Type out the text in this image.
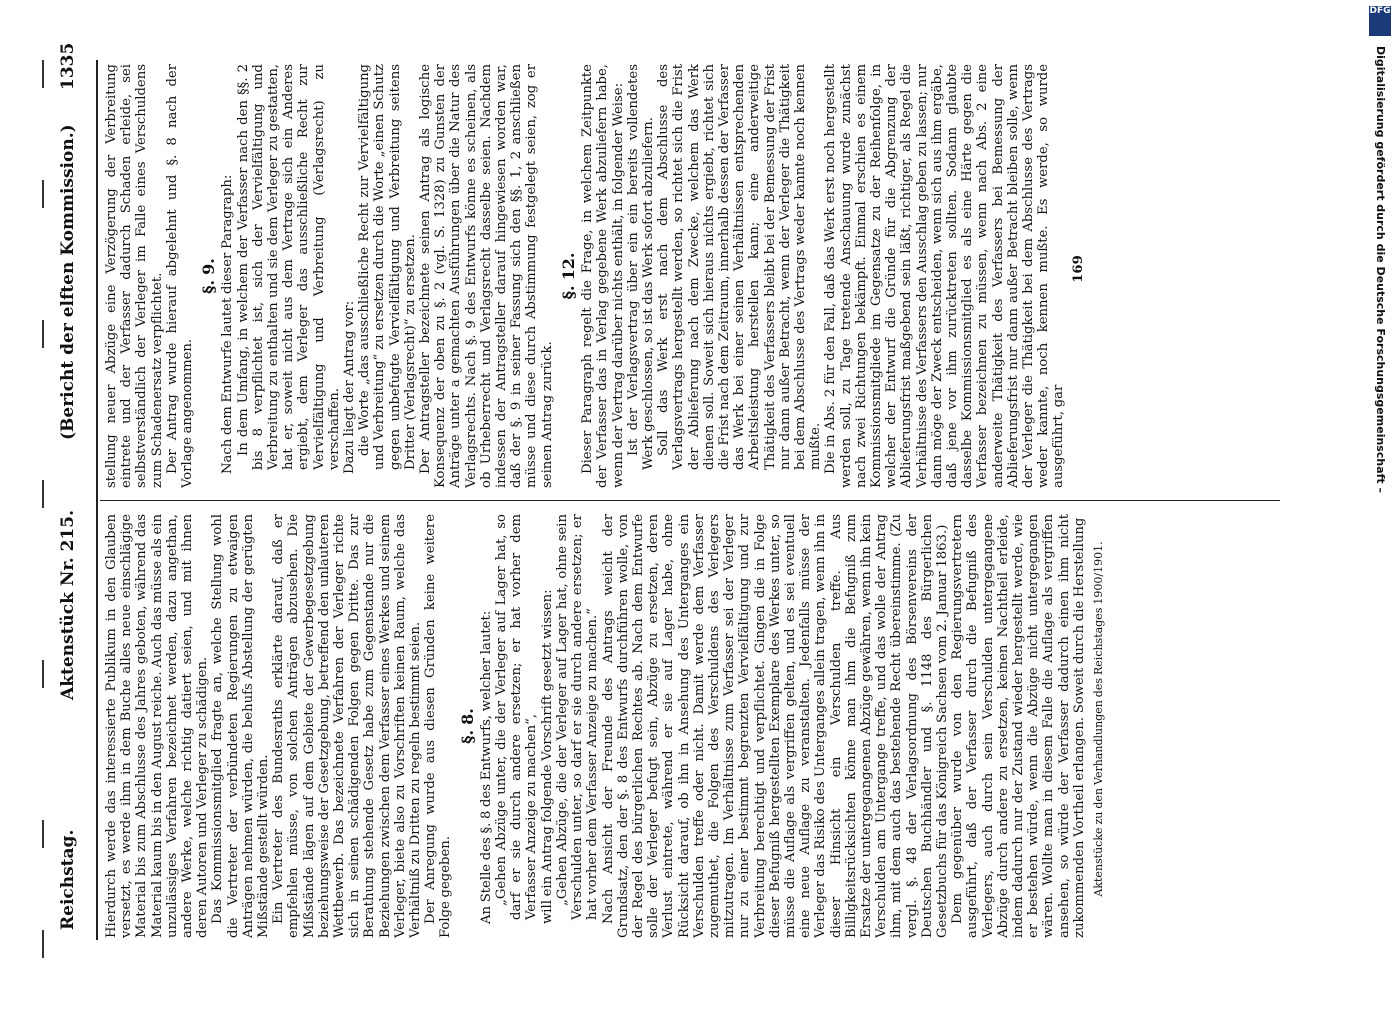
Reichstag.
Aktenstück Nr. 215.
(Bericht der elften Kommission.)
1335

Hierdurch werde das interessierte Publikum in den Glauben versetzt, es werde ihm in dem Buche alles neue einschlägige Material bis zum Abschlusse des Jahres geboten, während das Material kaum bis in den August reiche. Auch das müsse als ein unzulässiges Verfahren bezeichnet werden, dazu angethan, andere Werke, welche richtig datiert seien, und mit ihnen deren Autoren und Verleger zu schädigen. Das Kommissionsmitglied fragte an, welche Stellung wohl die Vertreter der verbündeten Regierungen zu etwaigen Anträgen nehmen würden, die behufs Abstellung der gerügten Mißstände gestellt würden. Ein Vertreter des Bundesraths erklärte darauf, daß er empfehlen müsse, von solchen Anträgen abzusehen. Die Mißstände lägen auf dem Gebiete der Gewerbegesetzgebung beziehungsweise der Gesetzgebung, betreffend den unlauteren Wettbewerb. Das bezeichnete Verfahren der Verleger richte sich in seinen schädigenden Folgen gegen Dritte. Das zur Berathung stehende Gesetz habe zum Gegenstande nur die Beziehungen zwischen dem Verfasser eines Werkes und seinem Verleger, biete also zu Vorschriften keinen Raum, welche das Verhältniß zu Dritten zu regeln bestimmt seien. Der Anregung wurde aus diesen Gründen keine weitere Folge gegeben.

§. 8. An Stelle des §. 8 des Entwurfs, welcher lautet: „Gehen Abzüge unter, die der Verleger auf Lager hat, so darf er sie durch andere ersetzen; er hat vorher dem Verfasser Anzeige zu machen“, will ein Antrag folgende Vorschrift gesetzt wissen: „Gehen Abzüge, die der Verleger auf Lager hat, ohne sein Verschulden unter, so darf er sie durch andere ersetzen; er hat vorher dem Verfasser Anzeige zu machen.“ Nach Ansicht der Freunde des Antrags weicht der Grundsatz, den der §. 8 des Entwurfs durchführen wolle, von der Regel des bürgerlichen Rechtes ab. Nach dem Entwurfe solle der Verleger befugt sein, Abzüge zu ersetzen, deren Verlust eintrete, während er sie auf Lager habe, ohne Rücksicht darauf, ob ihn in Ansehung des Unterganges ein Verschulden treffe oder nicht. Damit werde dem Verfasser zugemuthet, die Folgen des Verschuldens des Verlegers mitzutragen. Im Verhältnisse zum Verfasser sei der Verleger nur zu einer bestimmt begrenzten Vervielfältigung und zur Verbreitung berechtigt und verpflichtet. Gingen die in Folge dieser Befugniß hergestellten Exemplare des Werkes unter, so müsse die Auflage als vergriffen gelten, und es sei eventuell eine neue Auflage zu veranstalten. Jedenfalls müsse der Verleger das Risiko des Unterganges allein tragen, wenn ihn in dieser Hinsicht ein Verschulden treffe. Aus Billigkeitsrücksichten könne man ihm die Befugniß zum Ersatze der untergegangenen Abzüge gewähren, wenn ihn kein Verschulden am Untergange treffe, und das wolle der Antrag ihm, mit dem auch das bestehende Recht übereinstimme. (Zu vergl. §. 48 der Verlagsordnung des Börsenvereins der Deutschen Buchhändler und §. 1148 des Bürgerlichen Gesetzbuchs für das Königreich Sachsen vom 2. Januar 1863.) Dem gegenüber wurde von den Regierungsvertretern ausgeführt, daß der Verfasser durch die Befugniß des Verlegers, auch durch sein Verschulden untergegangene Abzüge durch andere zu ersetzen, keinen Nachtheil erleide, indem dadurch nur der Zustand wieder hergestellt werde, wie er bestehen würde, wenn die Abzüge nicht untergegangen wären. Wollte man in diesem Falle die Auflage als vergriffen ansehen, so würde der Verfasser dadurch einen ihm nicht zukommenden Vortheil erlangen. Soweit durch die Herstellung Aktenstücke zu den Verhandlungen des Reichstages 1900/1901.

stellung neuer Abzüge eine Verzögerung der Verbreitung eintrete und der Verfasser dadurch Schaden erleide, sei selbstverständlich der Verleger im Falle eines Verschuldens zum Schadenersatz verpflichtet. Der Antrag wurde hierauf abgelehnt und §. 8 nach der Vorlage angenommen.

§. 9. Nach dem Entwurfe lautet dieser Paragraph: In dem Umfang, in welchem der Verfasser nach den §§. 2 bis 8 verpflichtet ist, sich der Vervielfältigung und Verbreitung zu enthalten und sie dem Verleger zu gestatten, hat er, soweit nicht aus dem Vertrage sich ein Anderes ergiebt, dem Verleger das ausschließliche Recht zur Vervielfältigung und Verbreitung (Verlagsrecht) zu verschaffen. Dazu liegt der Antrag vor: die Worte „das ausschließliche Recht zur Vervielfältigung und Verbreitung“ zu ersetzen durch die Worte „einen Schutz gegen unbefugte Vervielfältigung und Verbreitung seitens Dritter (Verlagsrecht)“ zu ersetzen. Der Antragsteller bezeichnete seinen Antrag als logische Konsequenz der oben zu §. 2 (vgl. S. 1328) zu Gunsten der Anträge unter a gemachten Ausführungen über die Natur des Verlagsrechts. Nach §. 9 des Entwurfs könne es scheinen, als ob Urheberrecht und Verlagsrecht dasselbe seien. Nachdem indessen der Antragsteller darauf hingewiesen worden war, daß der §. 9 in seiner Fassung sich den §§. 1, 2 anschließen müsse und diese durch Abstimmung festgelegt seien, zog er seinen Antrag zurück.

§. 12. Dieser Paragraph regelt die Frage, in welchem Zeitpunkte der Verfasser das in Verlag gegebene Werk abzuliefern habe, wenn der Vertrag darüber nichts enthält, in folgender Weise: Ist der Verlagsvertrag über ein ein bereits vollendetes Werk geschlossen, so ist das Werk sofort abzuliefern. Soll das Werk erst nach dem Abschlusse des Verlagsvertrags hergestellt werden, so richtet sich die Frist der Ablieferung nach dem Zwecke, welchem das Werk dienen soll. Soweit sich hieraus nichts ergiebt, richtet sich die Frist nach dem Zeitraum, innerhalb dessen der Verfasser das Werk bei einer seinen Verhältnissen entsprechenden Arbeitsleistung herstellen kann; eine anderweitige Thätigkeit des Verfassers bleibt bei der Bemessung der Frist nur dann außer Betracht, wenn der Verleger die Thätigkeit bei dem Abschlusse des Vertrags weder kannte noch kennen mußte. Die in Abs. 2 für den Fall, daß das Werk erst noch hergestellt werden soll, zu Tage tretende Anschauung wurde zunächst nach zwei Richtungen bekämpft. Einmal erschien es einem Kommissionsmitgliede im Gegensatze zu der Reihenfolge, in welcher der Entwurf die Gründe für die Abgrenzung der Ablieferungsfrist maßgebend sein läßt, richtiger, als Regel die Verhältnisse des Verfassers den Ausschlag geben zu lassen; nur dann möge der Zweck entscheiden, wenn sich aus ihm ergäbe, daß jene vor ihm zurücktreten sollten. Sodann glaubte dasselbe Kommissionsmitglied es als eine Härte gegen die Verfasser bezeichnen zu müssen, wenn nach Abs. 2 eine anderweite Thätigkeit des Verfassers bei Bemessung der Ablieferungsfrist nur dann außer Betracht bleiben solle, wenn der Verleger die Thätigkeit bei dem Abschlusse des Vertrags weder kannte, noch kennen mußte. Es werde, so wurde ausgeführt, gar

169

DFG
Digitalisierung gefördert durch die Deutsche Forschungsgemeinschaft –
